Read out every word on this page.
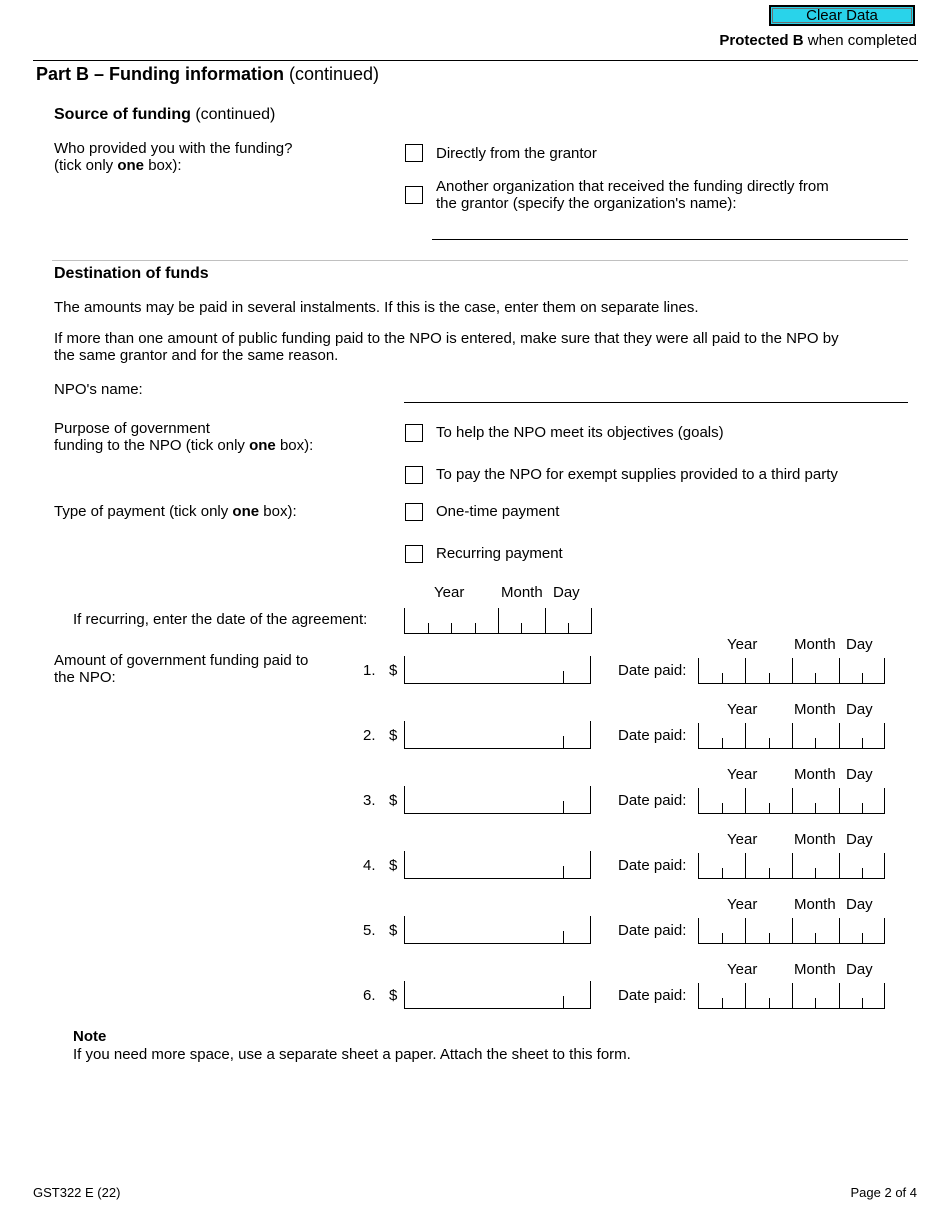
Clear Data
Protected B when completed
Part B – Funding information (continued)
Source of funding (continued)
Who provided you with the funding?
(tick only one box):
Directly from the grantor
Another organization that received the funding directly from
the grantor (specify the organization's name):
Destination of funds
The amounts may be paid in several instalments. If this is the case, enter them on separate lines.
If more than one amount of public funding paid to the NPO is entered, make sure that they were all paid to the NPO by
the same grantor and for the same reason.
NPO's name:
Purpose of government
funding to the NPO (tick only one box):
To help the NPO meet its objectives (goals)
To pay the NPO for exempt supplies provided to a third party
Type of payment (tick only one box):	One-time payment
Recurring payment
Year Month Day
If recurring, enter the date of the agreement:
Amount of government funding paid to
the NPO:
Year Month Day
1. $	Date paid:
Year Month Day
2. $	Date paid:
Year Month Day
3. $	Date paid:
Year Month Day
4. $	Date paid:
Year Month Day
5. $	Date paid:
Year Month Day
6. $	Date paid:
Note
If you need more space, use a separate sheet a paper. Attach the sheet to this form.
GST322 E (22)	Page 2 of 4
